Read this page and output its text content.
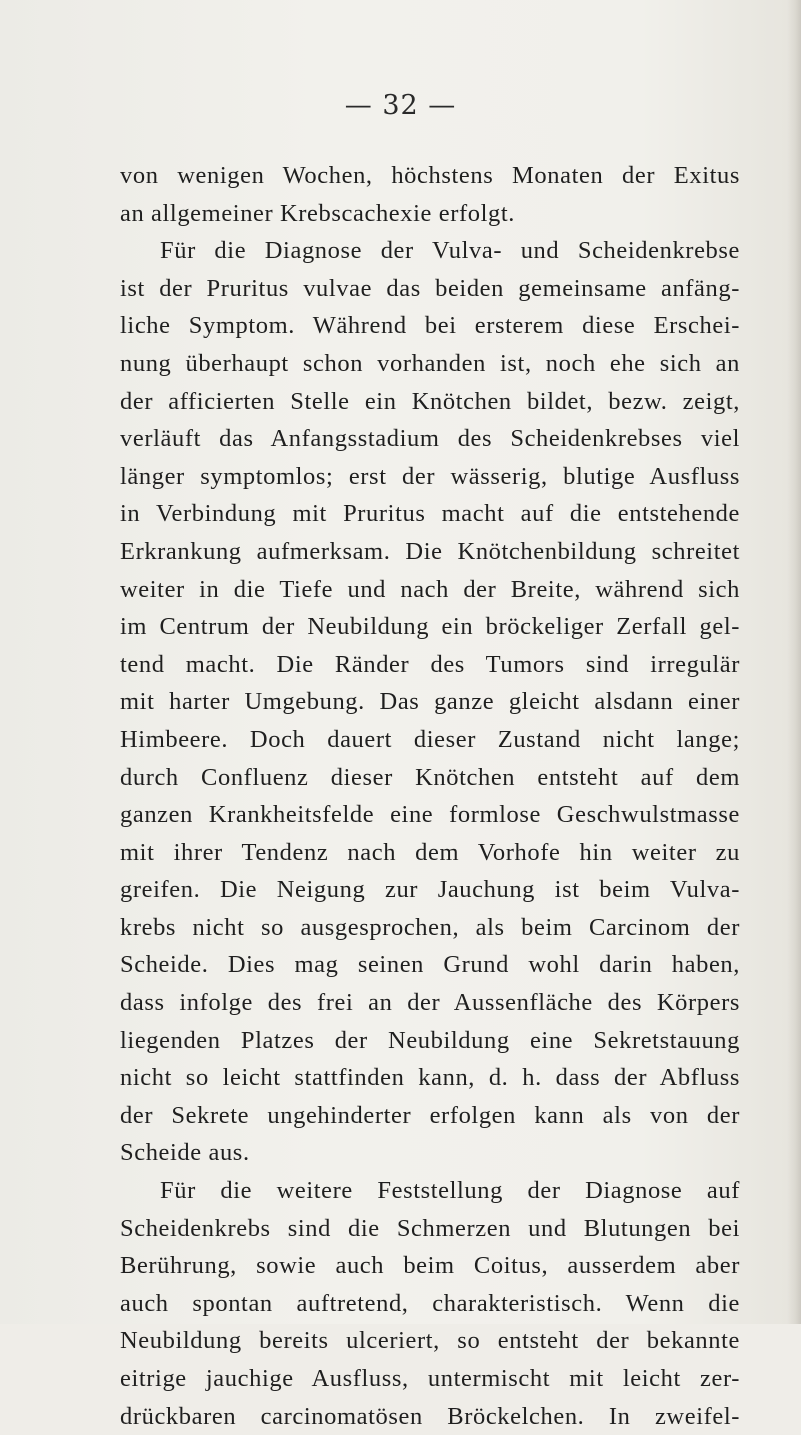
— 32 —

von wenigen Wochen, höchstens Monaten der Exitus
an allgemeiner Krebscachexie erfolgt.

Für die Diagnose der Vulva- und Scheidenkrebse
ist der Pruritus vulvae das beiden gemeinsame anfäng-
liche Symptom. Während bei ersterem diese Erschei-
nung überhaupt schon vorhanden ist, noch ehe sich an
der afficierten Stelle ein Knötchen bildet, bezw. zeigt,
verläuft das Anfangsstadium des Scheidenkrebses viel
länger symptomlos; erst der wässerig, blutige Ausfluss
in Verbindung mit Pruritus macht auf die entstehende
Erkrankung aufmerksam. Die Knötchenbildung schreitet
weiter in die Tiefe und nach der Breite, während sich
im Centrum der Neubildung ein bröckeliger Zerfall gel-
tend macht. Die Ränder des Tumors sind irregulär
mit harter Umgebung. Das ganze gleicht alsdann einer
Himbeere. Doch dauert dieser Zustand nicht lange;
durch Confluenz dieser Knötchen entsteht auf dem
ganzen Krankheitsfelde eine formlose Geschwulstmasse
mit ihrer Tendenz nach dem Vorhofe hin weiter zu
greifen. Die Neigung zur Jauchung ist beim Vulva-
krebs nicht so ausgesprochen, als beim Carcinom der
Scheide. Dies mag seinen Grund wohl darin haben,
dass infolge des frei an der Aussenfläche des Körpers
liegenden Platzes der Neubildung eine Sekretstauung
nicht so leicht stattfinden kann, d. h. dass der Abfluss
der Sekrete ungehinderter erfolgen kann als von der
Scheide aus.

Für die weitere Feststellung der Diagnose auf
Scheidenkrebs sind die Schmerzen und Blutungen bei
Berührung, sowie auch beim Coitus, ausserdem aber
auch spontan auftretend, charakteristisch. Wenn die
Neubildung bereits ulceriert, so entsteht der bekannte
eitrige jauchige Ausfluss, untermischt mit leicht zer-
drückbaren carcinomatösen Bröckelchen. In zweifel-
